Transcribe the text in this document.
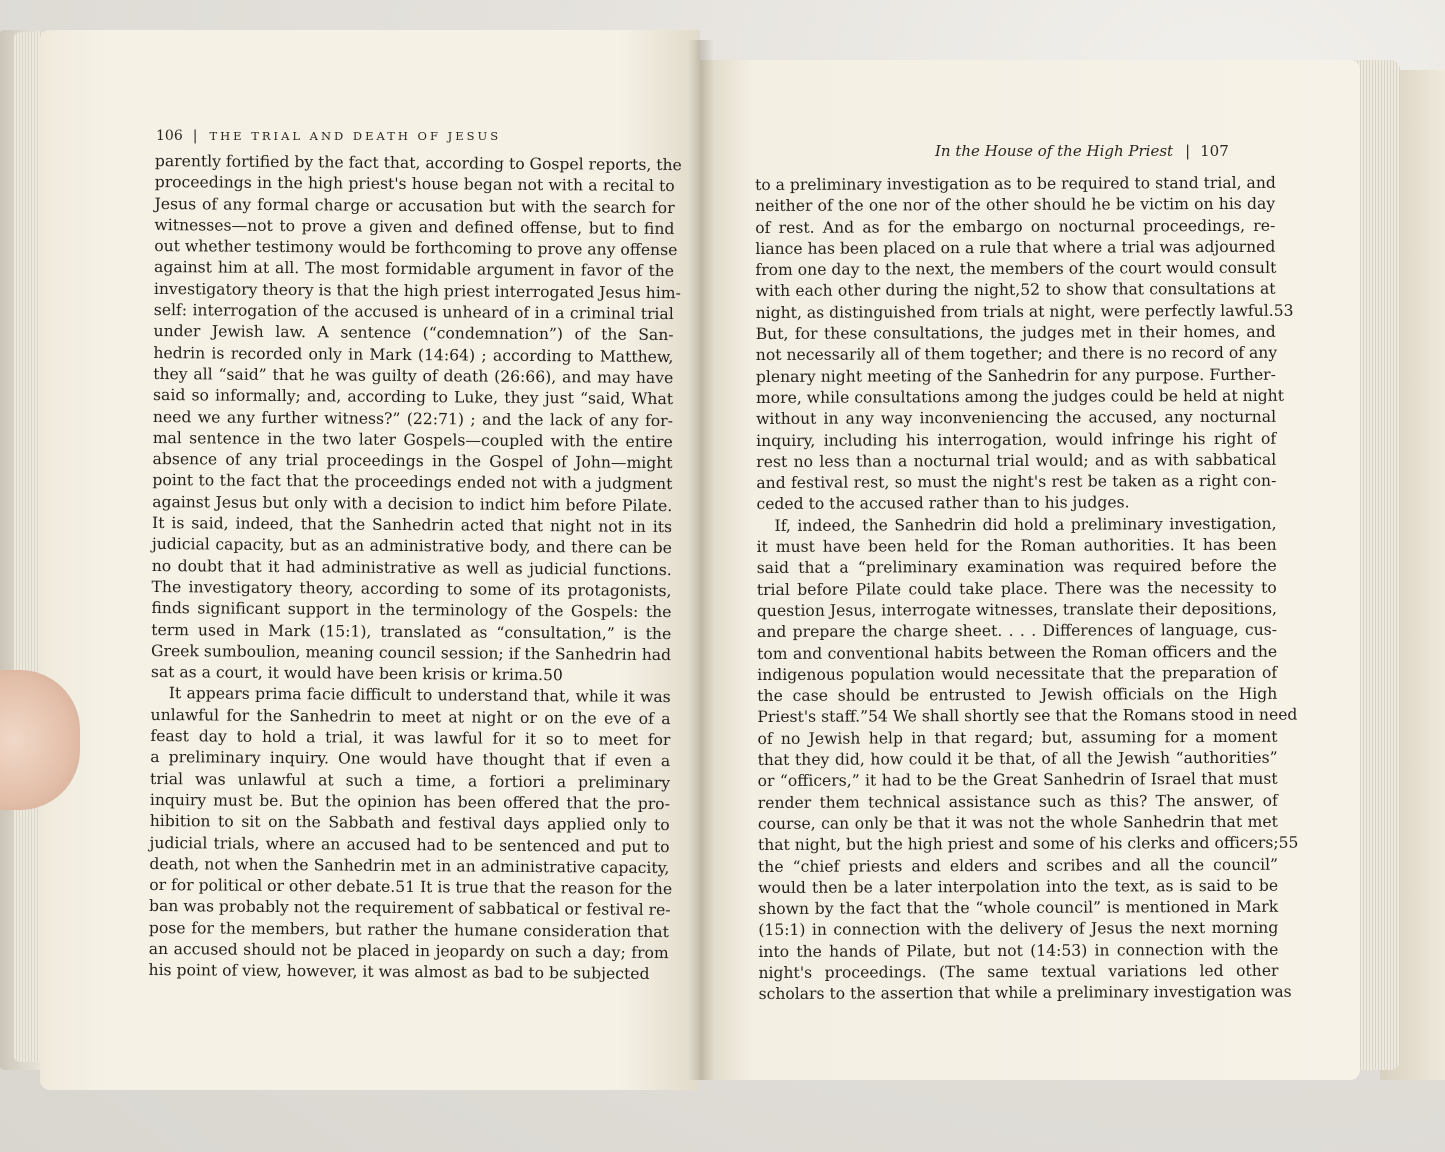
106 | THE TRIAL AND DEATH OF JESUS
parently fortified by the fact that, according to Gospel reports, the
proceedings in the high priest's house began not with a recital to
Jesus of any formal charge or accusation but with the search for
witnesses—not to prove a given and defined offense, but to find
out whether testimony would be forthcoming to prove any offense
against him at all. The most formidable argument in favor of the
investigatory theory is that the high priest interrogated Jesus him-
self: interrogation of the accused is unheard of in a criminal trial
under Jewish law. A sentence (“condemnation”) of the San-
hedrin is recorded only in Mark (14:64) ; according to Matthew,
they all “said” that he was guilty of death (26:66), and may have
said so informally; and, according to Luke, they just “said, What
need we any further witness?” (22:71) ; and the lack of any for-
mal sentence in the two later Gospels—coupled with the entire
absence of any trial proceedings in the Gospel of John—might
point to the fact that the proceedings ended not with a judgment
against Jesus but only with a decision to indict him before Pilate.
It is said, indeed, that the Sanhedrin acted that night not in its
judicial capacity, but as an administrative body, and there can be
no doubt that it had administrative as well as judicial functions.
The investigatory theory, according to some of its protagonists,
finds significant support in the terminology of the Gospels: the
term used in Mark (15:1), translated as “consultation,” is the
Greek sumboulion, meaning council session; if the Sanhedrin had
sat as a court, it would have been krisis or krima.50
It appears prima facie difficult to understand that, while it was
unlawful for the Sanhedrin to meet at night or on the eve of a
feast day to hold a trial, it was lawful for it so to meet for
a preliminary inquiry. One would have thought that if even a
trial was unlawful at such a time, a fortiori a preliminary
inquiry must be. But the opinion has been offered that the pro-
hibition to sit on the Sabbath and festival days applied only to
judicial trials, where an accused had to be sentenced and put to
death, not when the Sanhedrin met in an administrative capacity,
or for political or other debate.51 It is true that the reason for the
ban was probably not the requirement of sabbatical or festival re-
pose for the members, but rather the humane consideration that
an accused should not be placed in jeopardy on such a day; from
his point of view, however, it was almost as bad to be subjected
In the House of the High Priest | 107
to a preliminary investigation as to be required to stand trial, and
neither of the one nor of the other should he be victim on his day
of rest. And as for the embargo on nocturnal proceedings, re-
liance has been placed on a rule that where a trial was adjourned
from one day to the next, the members of the court would consult
with each other during the night,52 to show that consultations at
night, as distinguished from trials at night, were perfectly lawful.53
But, for these consultations, the judges met in their homes, and
not necessarily all of them together; and there is no record of any
plenary night meeting of the Sanhedrin for any purpose. Further-
more, while consultations among the judges could be held at night
without in any way inconveniencing the accused, any nocturnal
inquiry, including his interrogation, would infringe his right of
rest no less than a nocturnal trial would; and as with sabbatical
and festival rest, so must the night's rest be taken as a right con-
ceded to the accused rather than to his judges.
If, indeed, the Sanhedrin did hold a preliminary investigation,
it must have been held for the Roman authorities. It has been
said that a “preliminary examination was required before the
trial before Pilate could take place. There was the necessity to
question Jesus, interrogate witnesses, translate their depositions,
and prepare the charge sheet. . . . Differences of language, cus-
tom and conventional habits between the Roman officers and the
indigenous population would necessitate that the preparation of
the case should be entrusted to Jewish officials on the High
Priest's staff.”54 We shall shortly see that the Romans stood in need
of no Jewish help in that regard; but, assuming for a moment
that they did, how could it be that, of all the Jewish “authorities”
or “officers,” it had to be the Great Sanhedrin of Israel that must
render them technical assistance such as this? The answer, of
course, can only be that it was not the whole Sanhedrin that met
that night, but the high priest and some of his clerks and officers;55
the “chief priests and elders and scribes and all the council”
would then be a later interpolation into the text, as is said to be
shown by the fact that the “whole council” is mentioned in Mark
(15:1) in connection with the delivery of Jesus the next morning
into the hands of Pilate, but not (14:53) in connection with the
night's proceedings. (The same textual variations led other
scholars to the assertion that while a preliminary investigation was
